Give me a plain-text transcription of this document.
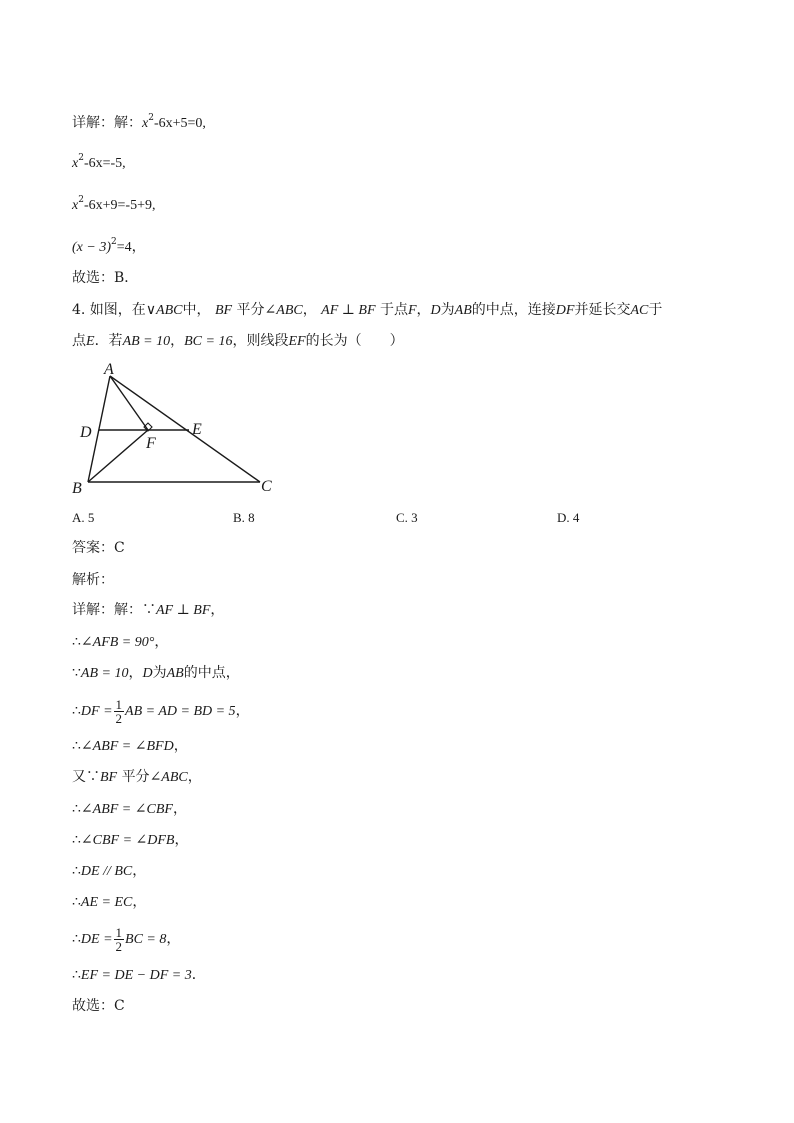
详解：解：$x^2-6x+5=0$,
$x^2-6x=-5$,
$x^2-6x+9=-5+9$,
$(x - 3)^2=4$，
故选：B．
4. 如图，在∨ABC中， BF 平分∠ABC， AF ⊥ BF 于点F，D为AB的中点，连接DF并延长交AC于
点E．若AB = 10，BC = 16，则线段EF的长为（　　）
A
B	C
D	E
F
A. 5	B. 8	C. 3	D. 4
答案：C
解析：
详解：解：∵AF ⊥ BF，
∴∠AFB = 90°，
∵AB = 10，D为AB的中点，
∴DF = $\frac{1}{2}$ AB = AD = BD = 5，
∴∠ABF = ∠BFD，
又∵BF 平分∠ABC，
∴∠ABF = ∠CBF，
∴∠CBF = ∠DFB，
∴DE // BC，
∴AE = EC，
∴DE = $\frac{1}{2}$ BC = 8，
∴EF = DE − DF = 3．
故选：C
